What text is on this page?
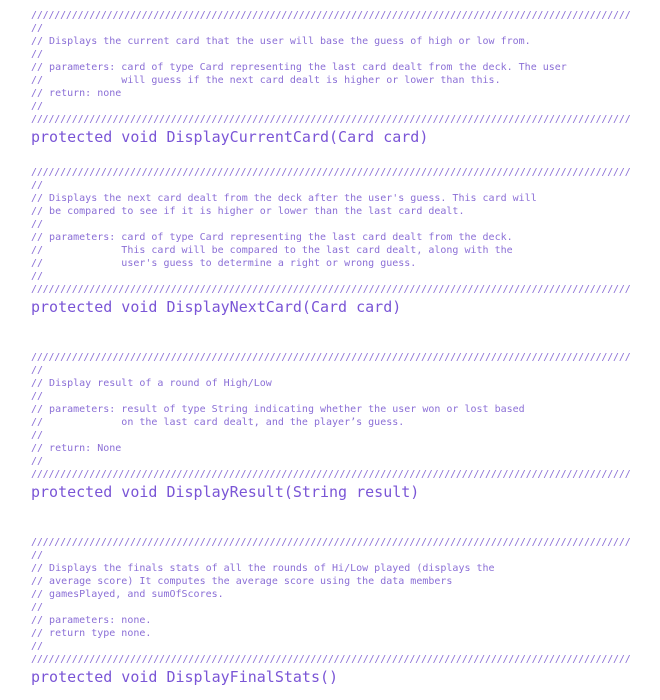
///////////////////////////////////////////////////////////////////////////////////////////////////////
//
// Displays the current card that the user will base the guess of high or low from.
//
// parameters: card of type Card representing the last card dealt from the deck. The user
//             will guess if the next card dealt is higher or lower than this.
// return: none
//
///////////////////////////////////////////////////////////////////////////////////////////////////////
protected void DisplayCurrentCard(Card card)
///////////////////////////////////////////////////////////////////////////////////////////////////////
//
// Displays the next card dealt from the deck after the user's guess. This card will
// be compared to see if it is higher or lower than the last card dealt.
//
// parameters: card of type Card representing the last card dealt from the deck.
//             This card will be compared to the last card dealt, along with the
//             user's guess to determine a right or wrong guess.
//
///////////////////////////////////////////////////////////////////////////////////////////////////////
protected void DisplayNextCard(Card card)
///////////////////////////////////////////////////////////////////////////////////////////////////////
//
// Display result of a round of High/Low
//
// parameters: result of type String indicating whether the user won or lost based
//             on the last card dealt, and the player’s guess.
//
// return: None
//
///////////////////////////////////////////////////////////////////////////////////////////////////////
protected void DisplayResult(String result)
///////////////////////////////////////////////////////////////////////////////////////////////////////
//
// Displays the finals stats of all the rounds of Hi/Low played (displays the
// average score) It computes the average score using the data members
// gamesPlayed, and sumOfScores.
//
// parameters: none.
// return type none.
//
///////////////////////////////////////////////////////////////////////////////////////////////////////
protected void DisplayFinalStats()
